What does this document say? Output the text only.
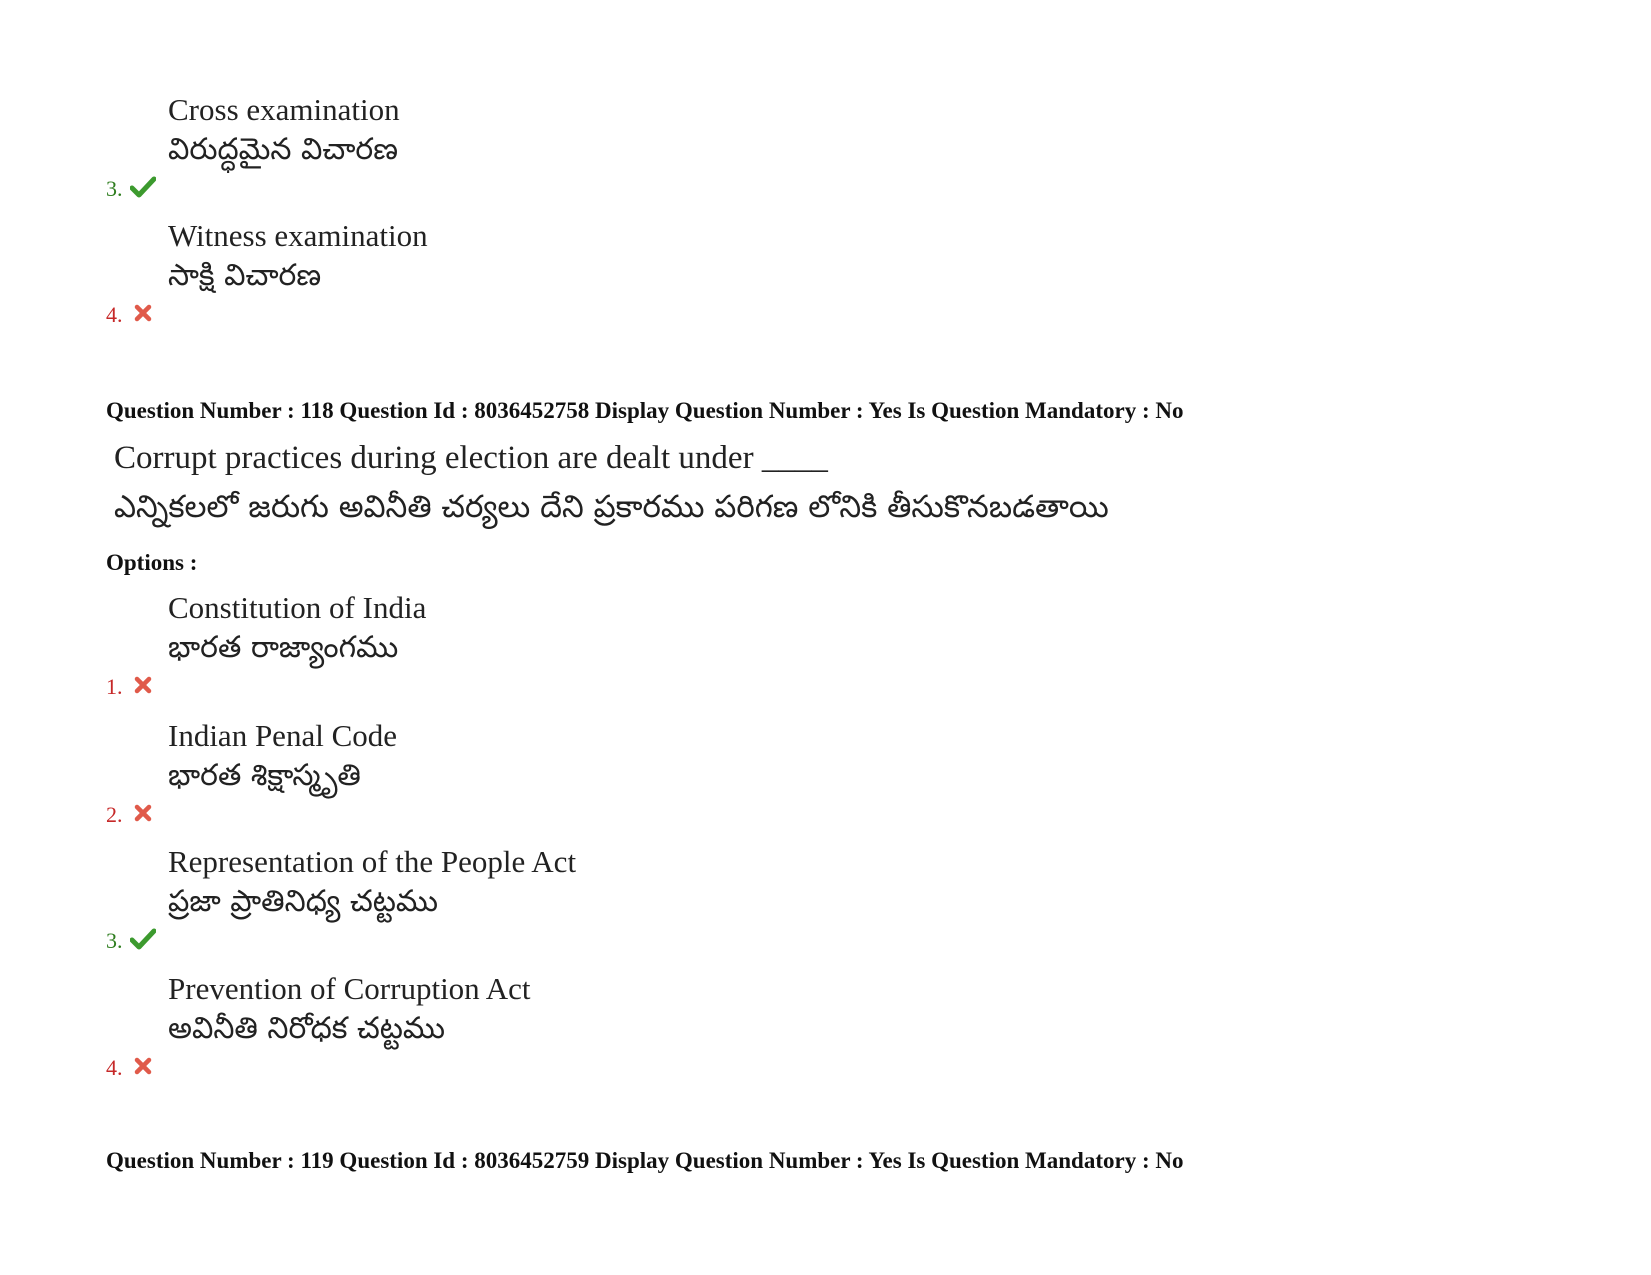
Cross examination
విరుద్ధమైన విచారణ
3.
Witness examination
సాక్షి విచారణ
4.
Question Number : 118 Question Id : 8036452758 Display Question Number : Yes Is Question Mandatory : No
Corrupt practices during election are dealt under ____
ఎన్నికలలో జరుగు అవినీతి చర్యలు దేని ప్రకారము పరిగణ లోనికి తీసుకొనబడతాయి
Options :
Constitution of India
భారత రాజ్యాంగము
1.
Indian Penal Code
భారత శిక్షాస్మృతి
2.
Representation of the People Act
ప్రజా ప్రాతినిధ్య చట్టము
3.
Prevention of Corruption Act
అవినీతి నిరోధక చట్టము
4.
Question Number : 119 Question Id : 8036452759 Display Question Number : Yes Is Question Mandatory : No
